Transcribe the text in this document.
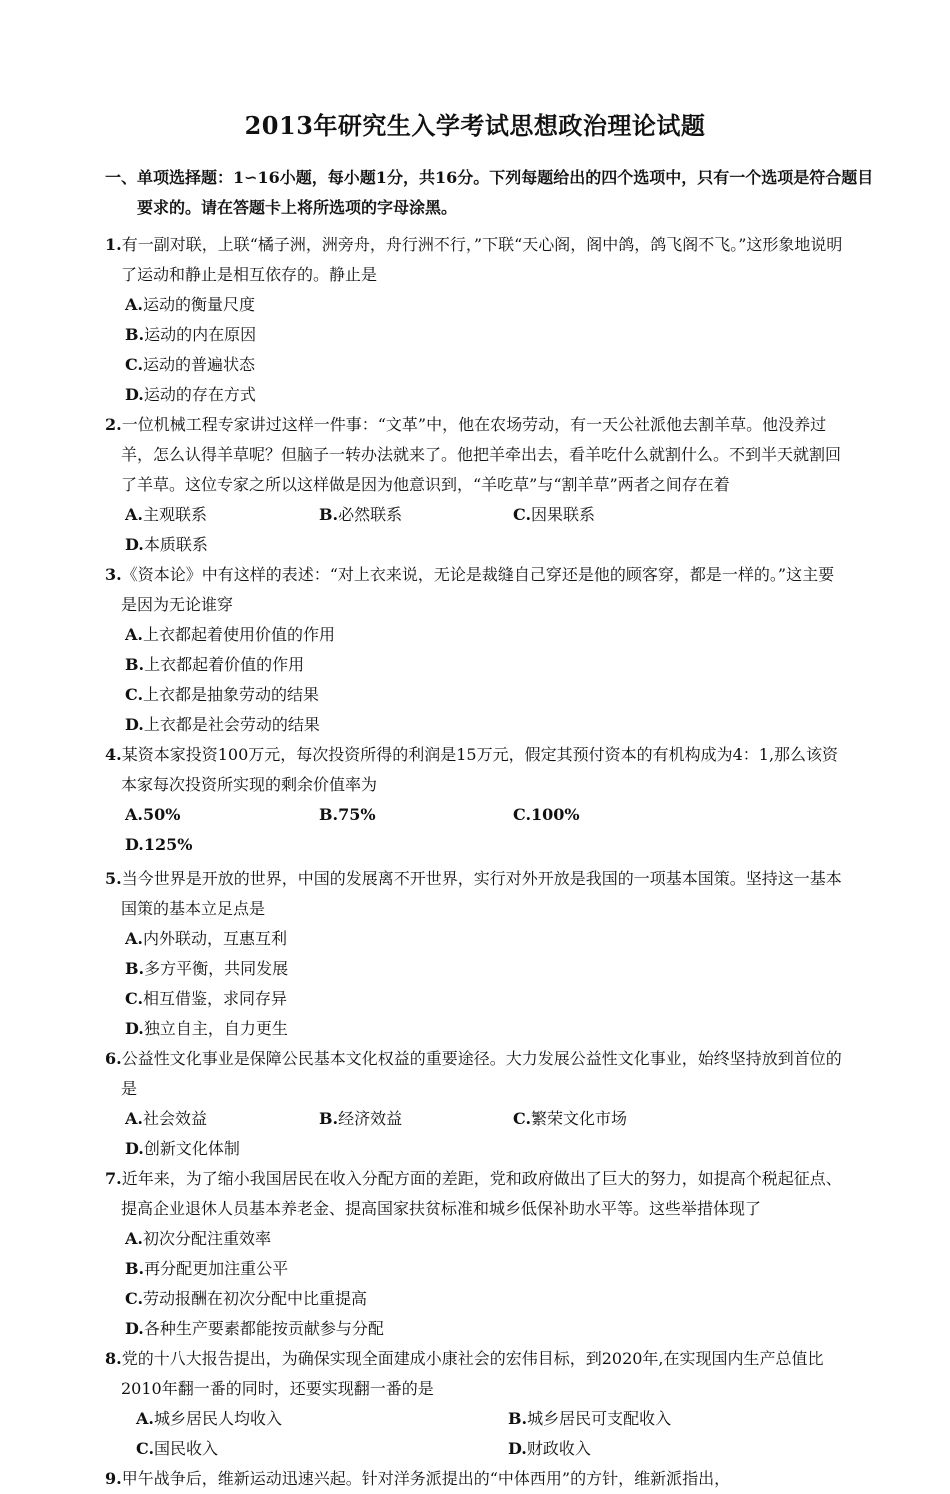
2013年研究生入学考试思想政治理论试题
一、单项选择题：1∽16小题，每小题1分，共16分。下列每题给出的四个选项中，只有一个选项是符合题目要求的。请在答题卡上将所选项的字母涂黑。
1.有一副对联，上联“橘子洲，洲旁舟，舟行洲不行，”下联“天心阁，阁中鸽，鸽飞阁不飞。”这形象地说明了运动和静止是相互依存的。静止是
A.运动的衡量尺度
B.运动的内在原因
C.运动的普遍状态
D.运动的存在方式
2.一位机械工程专家讲过这样一件事：“文革”中，他在农场劳动，有一天公社派他去割羊草。他没养过羊，怎么认得羊草呢？但脑子一转办法就来了。他把羊牵出去，看羊吃什么就割什么。不到半天就割回了羊草。这位专家之所以这样做是因为他意识到，“羊吃草”与“割羊草”两者之间存在着
A.主观联系	B.必然联系	C.因果联系
D.本质联系
3.《资本论》中有这样的表述：“对上衣来说，无论是裁缝自己穿还是他的顾客穿，都是一样的。”这主要是因为无论谁穿
A.上衣都起着使用价值的作用
B.上衣都起着价值的作用
C.上衣都是抽象劳动的结果
D.上衣都是社会劳动的结果
4.某资本家投资100万元，每次投资所得的利润是15万元，假定其预付资本的有机构成为4：1,那么该资本家每次投资所实现的剩余价值率为
A.50%	B.75%	C.100%
D.125%
5.当今世界是开放的世界，中国的发展离不开世界，实行对外开放是我国的一项基本国策。坚持这一基本国策的基本立足点是
A.内外联动，互惠互利
B.多方平衡，共同发展
C.相互借鉴，求同存异
D.独立自主，自力更生
6.公益性文化事业是保障公民基本文化权益的重要途径。大力发展公益性文化事业，始终坚持放到首位的是
A.社会效益	B.经济效益	C.繁荣文化市场
D.创新文化体制
7.近年来，为了缩小我国居民在收入分配方面的差距，党和政府做出了巨大的努力，如提高个税起征点、提高企业退休人员基本养老金、提高国家扶贫标准和城乡低保补助水平等。这些举措体现了
A.初次分配注重效率
B.再分配更加注重公平
C.劳动报酬在初次分配中比重提高
D.各种生产要素都能按贡献参与分配
8.党的十八大报告提出，为确保实现全面建成小康社会的宏伟目标，到2020年,在实现国内生产总值比2010年翻一番的同时，还要实现翻一番的是
A.城乡居民人均收入	B.城乡居民可支配收入
C.国民收入	D.财政收入
9.甲午战争后，维新运动迅速兴起。针对洋务派提出的“中体西用”的方针，维新派指出，
